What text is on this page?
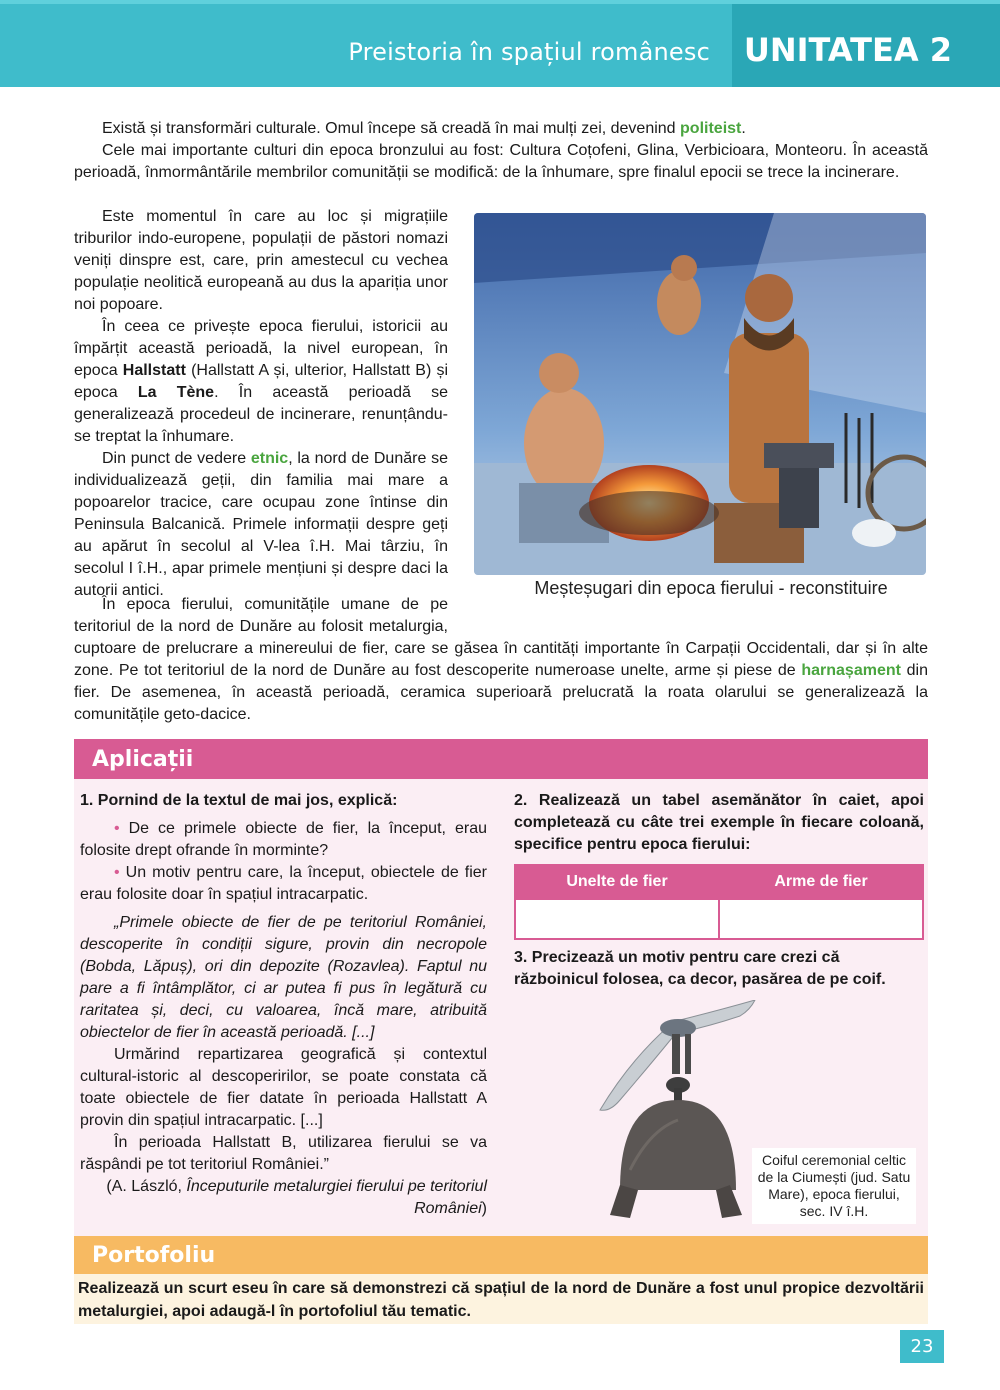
Preistoria în spațiul românesc UNITATEA 2

Există și transformări culturale. Omul începe să creadă în mai mulți zei, devenind politeist.

Cele mai importante culturi din epoca bronzului au fost: Cultura Coțofeni, Glina, Verbicioara, Monteoru. În această perioadă, înmormântările membrilor comunității se modifică: de la înhumare, spre finalul epocii se trece la incinerare.

Este momentul în care au loc și migrațiile triburilor indo-europene, populații de păstori nomazi veniți dinspre est, care, prin amestecul cu vechea populație neolitică europeană au dus la apariția unor noi popoare.

În ceea ce privește epoca fierului, istoricii au împărțit această perioadă, la nivel european, în epoca Hallstatt (Hallstatt A și, ulterior, Hallstatt B) și epoca La Tène. În această perioadă se generalizează procedeul de incinerare, renunțându-se treptat la înhumare.

Din punct de vedere etnic, la nord de Dunăre se individualizează geții, din familia mai mare a popoarelor tracice, care ocupau zone întinse din Peninsula Balcanică. Primele informații despre geți au apărut în secolul al V-lea î.H. Mai târziu, în secolul I î.H., apar primele mențiuni și despre daci la autorii antici.

În epoca fierului, comunitățile umane de pe teritoriul de la nord de Dunăre au folosit metalurgia, cuptoare de prelucrare a minereului de fier, care se găsea în cantități importante în Carpații Occidentali, dar și în alte zone. Pe tot teritoriul de la nord de Dunăre au fost descoperite numeroase unelte, arme și piese de harnașament din fier. De asemenea, în această perioadă, ceramica superioară prelucrată la roata olarului se generalizează la comunitățile geto-dacice.

Meșteșugari din epoca fierului - reconstituire
Aplicații
1. Pornind de la textul de mai jos, explică:

• De ce primele obiecte de fier, la început, erau folosite drept ofrande în morminte?

• Un motiv pentru care, la început, obiectele de fier erau folosite doar în spațiul intracarpatic.

„Primele obiecte de fier de pe teritoriul României, descoperite în condiții sigure, provin din necropole (Bobda, Lăpuș), ori din depozite (Rozavlea). Faptul nu pare a fi întâmplător, ci ar putea fi pus în legătură cu raritatea și, deci, cu valoarea, încă mare, atribuită obiectelor de fier în această perioadă. [...]

Urmărind repartizarea geografică și contextul cultural-istoric al descoperirilor, se poate constata că toate obiectele de fier datate în perioada Hallstatt A provin din spațiul intracarpatic. [...]

În perioada Hallstatt B, utilizarea fierului se va răspândi pe tot teritoriul României.”

(A. László, Începuturile metalurgiei fierului pe teritoriul României)

2. Realizează un tabel asemănător în caiet, apoi completează cu câte trei exemple în fiecare coloană, specifice pentru epoca fierului:
Unelte de fier	Arme de fier

3. Precizează un motiv pentru care crezi că războinicul folosea, ca decor, pasărea de pe coif.
Coiful ceremonial celtic de la Ciumești (jud. Satu Mare), epoca fierului, sec. IV î.H.
Portofoliu
Realizează un scurt eseu în care să demonstrezi că spațiul de la nord de Dunăre a fost unul propice dezvoltării metalurgiei, apoi adaugă-l în portofoliul tău tematic.
23
